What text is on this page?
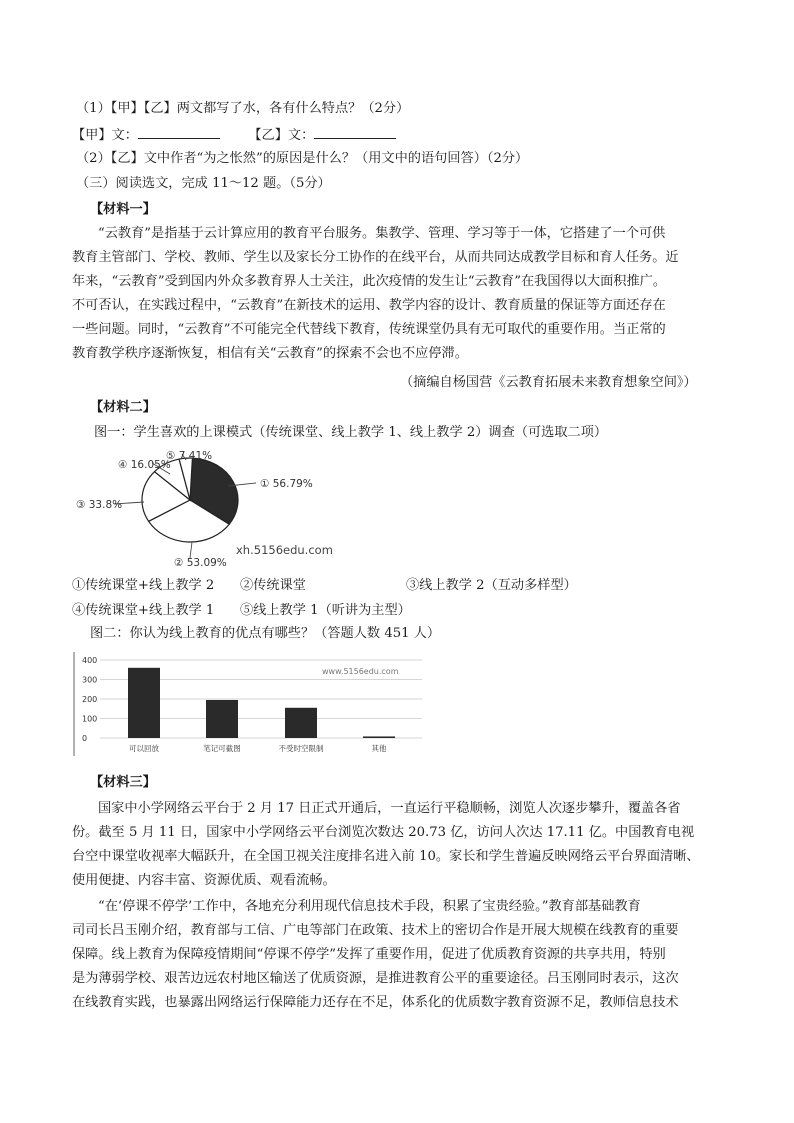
（1）【甲】【乙】两文都写了水，各有什么特点？（2分）
【甲】文：	【乙】文：
（2）【乙】文中作者“为之怅然”的原因是什么？（用文中的语句回答）（2分）
（三）阅读选文，完成 11～12 题。（5分）
【材料一】
“云教育”是指基于云计算应用的教育平台服务。集教学、管理、学习等于一体，它搭建了一个可供
教育主管部门、学校、教师、学生以及家长分工协作的在线平台，从而共同达成教学目标和育人任务。近
年来，“云教育”受到国内外众多教育界人士关注，此次疫情的发生让“云教育”在我国得以大面积推广。
不可否认，在实践过程中，“云教育”在新技术的运用、教学内容的设计、教育质量的保证等方面还存在
一些问题。同时，“云教育”不可能完全代替线下教育，传统课堂仍具有无可取代的重要作用。当正常的
教育教学秩序逐渐恢复，相信有关“云教育”的探索不会也不应停滞。
（摘编自杨国营《云教育拓展未来教育想象空间》）
【材料二】
图一：学生喜欢的上课模式（传统课堂、线上教学 1、线上教学 2）调查（可选取二项）
⑤ 7.41%
④ 16.05%
③ 33.8%
① 56.79%
② 53.09%
xh.5156edu.com
①传统课堂+线上教学 2 ②传统课堂	③线上教学 2（互动多样型）
④传统课堂+线上教学 1 ⑤线上教学 1（听讲为主型）
图二：你认为线上教育的优点有哪些？（答题人数 451 人）
400
300
200
100
0
可以回放	笔记可截图	不受时空限制	其他
www.5156edu.com
【材料三】
国家中小学网络云平台于 2 月 17 日正式开通后，一直运行平稳顺畅，浏览人次逐步攀升，覆盖各省
份。截至 5 月 11 日，国家中小学网络云平台浏览次数达 20.73 亿，访问人次达 17.11 亿。中国教育电视
台空中课堂收视率大幅跃升，在全国卫视关注度排名进入前 10。家长和学生普遍反映网络云平台界面清晰、
使用便捷、内容丰富、资源优质、观看流畅。
“在‘停课不停学’工作中，各地充分利用现代信息技术手段，积累了宝贵经验。”教育部基础教育
司司长吕玉刚介绍，教育部与工信、广电等部门在政策、技术上的密切合作是开展大规模在线教育的重要
保障。线上教育为保障疫情期间“停课不停学”发挥了重要作用，促进了优质教育资源的共享共用，特别
是为薄弱学校、艰苦边远农村地区输送了优质资源，是推进教育公平的重要途径。吕玉刚同时表示，这次
在线教育实践，也暴露出网络运行保障能力还存在不足，体系化的优质数字教育资源不足，教师信息技术
